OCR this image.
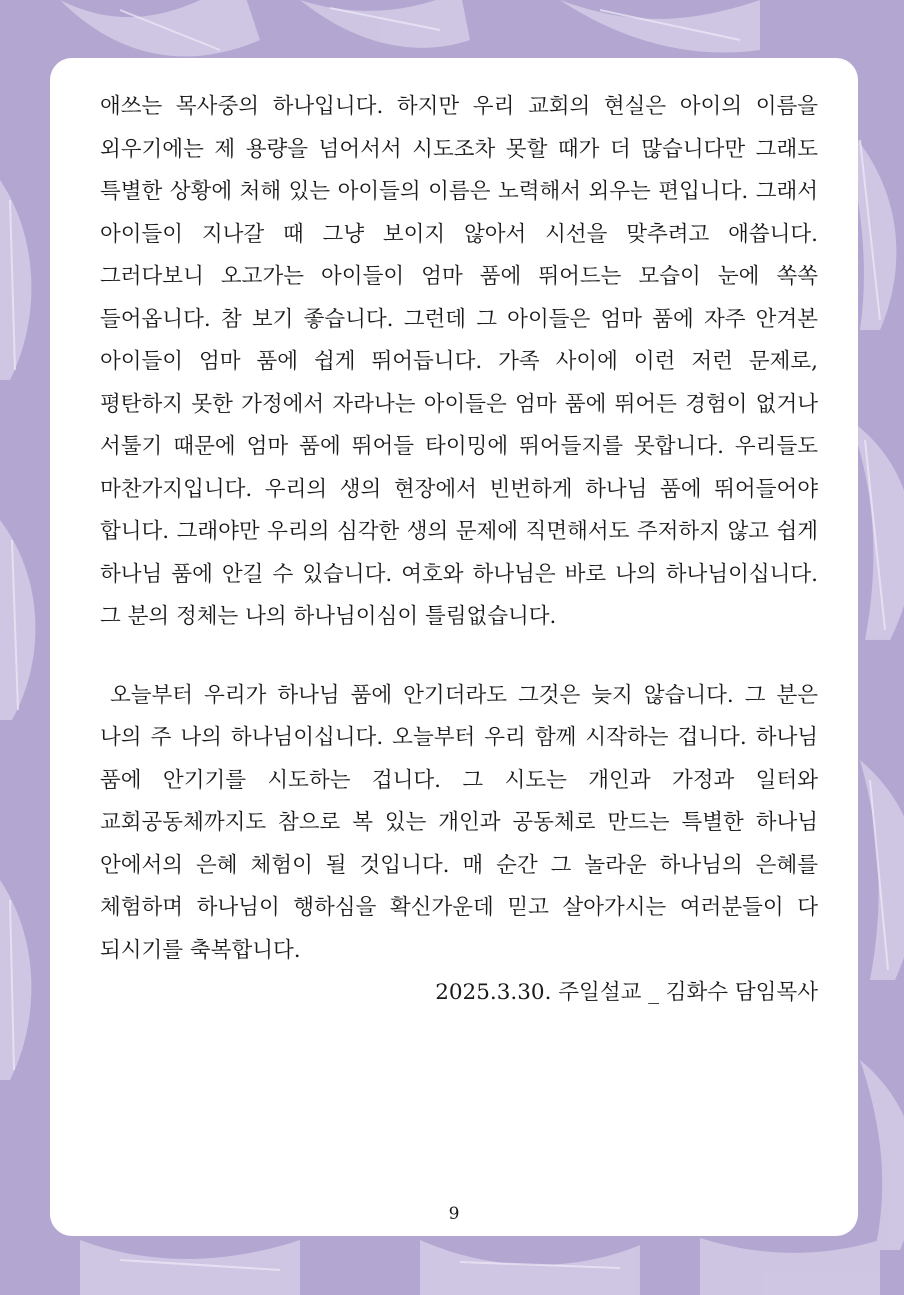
애쓰는 목사중의 하나입니다. 하지만 우리 교회의 현실은 아이의 이름을 외우기에는 제 용량을 넘어서서 시도조차 못할 때가 더 많습니다만 그래도 특별한 상황에 처해 있는 아이들의 이름은 노력해서 외우는 편입니다. 그래서 아이들이 지나갈 때 그냥 보이지 않아서 시선을 맞추려고 애씁니다. 그러다보니 오고가는 아이들이 엄마 품에 뛰어드는 모습이 눈에 쏙쏙 들어옵니다. 참 보기 좋습니다. 그런데 그 아이들은 엄마 품에 자주 안겨본 아이들이 엄마 품에 쉽게 뛰어듭니다. 가족 사이에 이런 저런 문제로, 평탄하지 못한 가정에서 자라나는 아이들은 엄마 품에 뛰어든 경험이 없거나 서툴기 때문에 엄마 품에 뛰어들 타이밍에 뛰어들지를 못합니다. 우리들도 마찬가지입니다. 우리의 생의 현장에서 빈번하게 하나님 품에 뛰어들어야 합니다. 그래야만 우리의 심각한 생의 문제에 직면해서도 주저하지 않고 쉽게 하나님 품에 안길 수 있습니다. 여호와 하나님은 바로 나의 하나님이십니다. 그 분의 정체는 나의 하나님이심이 틀림없습니다.

오늘부터 우리가 하나님 품에 안기더라도 그것은 늦지 않습니다. 그 분은 나의 주 나의 하나님이십니다. 오늘부터 우리 함께 시작하는 겁니다. 하나님 품에 안기기를 시도하는 겁니다. 그 시도는 개인과 가정과 일터와 교회공동체까지도 참으로 복 있는 개인과 공동체로 만드는 특별한 하나님 안에서의 은혜 체험이 될 것입니다. 매 순간 그 놀라운 하나님의 은혜를 체험하며 하나님이 행하심을 확신가운데 믿고 살아가시는 여러분들이 다 되시기를 축복합니다.

2025.3.30. 주일설교 _ 김화수 담임목사

9
